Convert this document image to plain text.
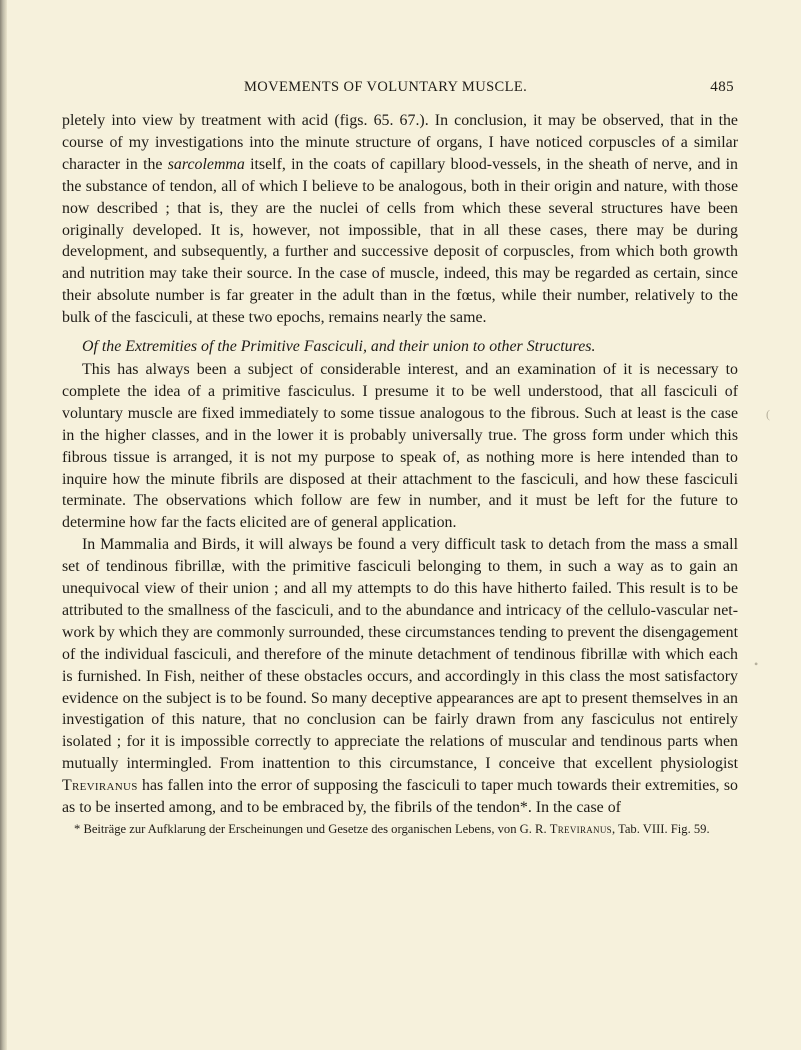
MOVEMENTS OF VOLUNTARY MUSCLE.	485

pletely into view by treatment with acid (figs. 65. 67.). In conclusion, it may be observed, that in the course of my investigations into the minute structure of organs, I have noticed corpuscles of a similar character in the sarcolemma itself, in the coats of capillary blood-vessels, in the sheath of nerve, and in the substance of tendon, all of which I believe to be analogous, both in their origin and nature, with those now described ; that is, they are the nuclei of cells from which these several structures have been originally developed. It is, however, not impossible, that in all these cases, there may be during development, and subsequently, a further and successive deposit of corpuscles, from which both growth and nutrition may take their source. In the case of muscle, indeed, this may be regarded as certain, since their absolute number is far greater in the adult than in the fœtus, while their number, relatively to the bulk of the fasciculi, at these two epochs, remains nearly the same.

Of the Extremities of the Primitive Fasciculi, and their union to other Structures.

This has always been a subject of considerable interest, and an examination of it is necessary to complete the idea of a primitive fasciculus. I presume it to be well understood, that all fasciculi of voluntary muscle are fixed immediately to some tissue analogous to the fibrous. Such at least is the case in the higher classes, and in the lower it is probably universally true. The gross form under which this fibrous tissue is arranged, it is not my purpose to speak of, as nothing more is here intended than to inquire how the minute fibrils are disposed at their attachment to the fasciculi, and how these fasciculi terminate. The observations which follow are few in number, and it must be left for the future to determine how far the facts elicited are of general application.

In Mammalia and Birds, it will always be found a very difficult task to detach from the mass a small set of tendinous fibrillæ, with the primitive fasciculi belonging to them, in such a way as to gain an unequivocal view of their union ; and all my attempts to do this have hitherto failed. This result is to be attributed to the smallness of the fasciculi, and to the abundance and intricacy of the cellulo-vascular net-work by which they are commonly surrounded, these circumstances tending to prevent the disengagement of the individual fasciculi, and therefore of the minute detachment of tendinous fibrillæ with which each is furnished. In Fish, neither of these obstacles occurs, and accordingly in this class the most satisfactory evidence on the subject is to be found. So many deceptive appearances are apt to present themselves in an investigation of this nature, that no conclusion can be fairly drawn from any fasciculus not entirely isolated ; for it is impossible correctly to appreciate the relations of muscular and tendinous parts when mutually intermingled. From inattention to this circumstance, I conceive that excellent physiologist Treviranus has fallen into the error of supposing the fasciculi to taper much towards their extremities, so as to be inserted among, and to be embraced by, the fibrils of the tendon*. In the case of

* Beiträge zur Aufklarung der Erscheinungen und Gesetze des organischen Lebens, von G. R. Treviranus, Tab. VIII. Fig. 59.
(
•
